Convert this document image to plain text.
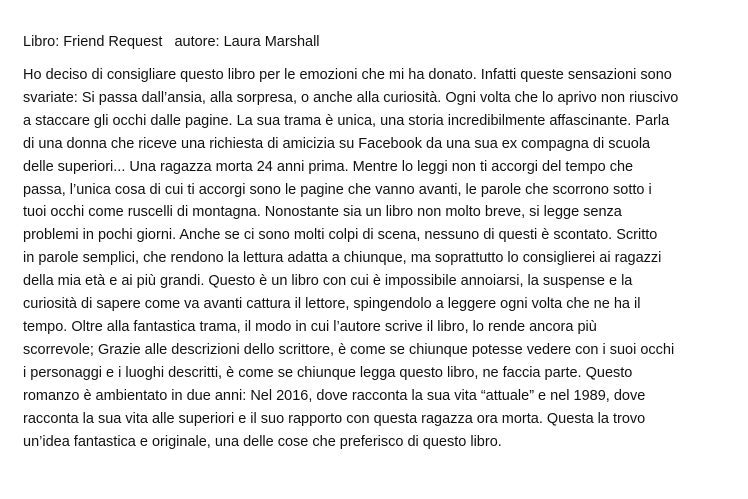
Libro: Friend Request autore: Laura Marshall
Ho deciso di consigliare questo libro per le emozioni che mi ha donato. Infatti queste sensazioni sono
svariate: Si passa dall’ansia, alla sorpresa, o anche alla curiosità. Ogni volta che lo aprivo non riuscivo
a staccare gli occhi dalle pagine. La sua trama è unica, una storia incredibilmente affascinante. Parla
di una donna che riceve una richiesta di amicizia su Facebook da una sua ex compagna di scuola
delle superiori... Una ragazza morta 24 anni prima. Mentre lo leggi non ti accorgi del tempo che
passa, l’unica cosa di cui ti accorgi sono le pagine che vanno avanti, le parole che scorrono sotto i
tuoi occhi come ruscelli di montagna. Nonostante sia un libro non molto breve, si legge senza
problemi in pochi giorni. Anche se ci sono molti colpi di scena, nessuno di questi è scontato. Scritto
in parole semplici, che rendono la lettura adatta a chiunque, ma soprattutto lo consiglierei ai ragazzi
della mia età e ai più grandi. Questo è un libro con cui è impossibile annoiarsi, la suspense e la
curiosità di sapere come va avanti cattura il lettore, spingendolo a leggere ogni volta che ne ha il
tempo. Oltre alla fantastica trama, il modo in cui l’autore scrive il libro, lo rende ancora più
scorrevole; Grazie alle descrizioni dello scrittore, è come se chiunque potesse vedere con i suoi occhi
i personaggi e i luoghi descritti, è come se chiunque legga questo libro, ne faccia parte. Questo
romanzo è ambientato in due anni: Nel 2016, dove racconta la sua vita “attuale” e nel 1989, dove
racconta la sua vita alle superiori e il suo rapporto con questa ragazza ora morta. Questa la trovo
un’idea fantastica e originale, una delle cose che preferisco di questo libro.
